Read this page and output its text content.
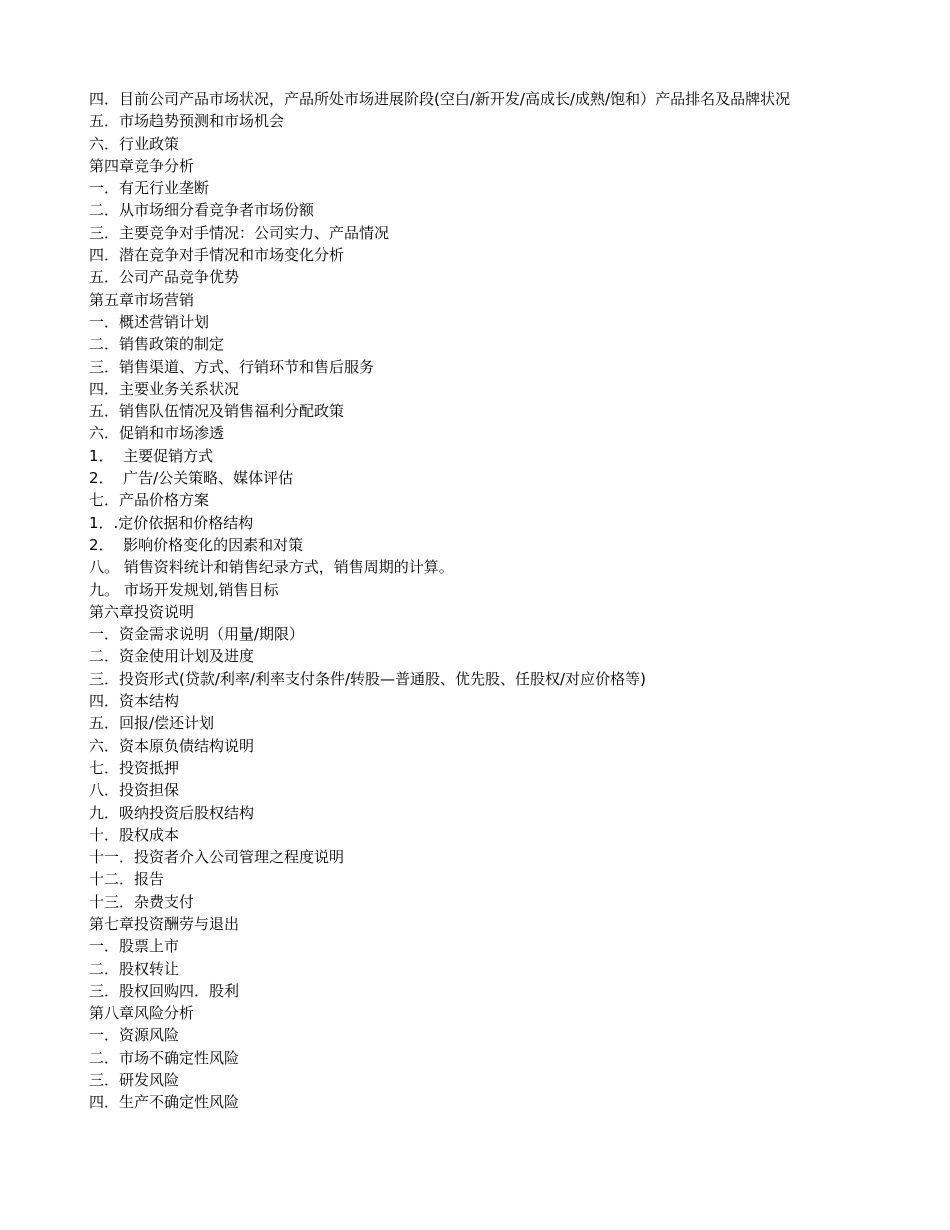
四．目前公司产品市场状况，产品所处市场进展阶段(空白/新开发/高成长/成熟/饱和）产品排名及品牌状况

五．市场趋势预测和市场机会

六．行业政策

第四章竞争分析

一．有无行业垄断

二．从市场细分看竞争者市场份额

三．主要竞争对手情况：公司实力、产品情况

四．潜在竞争对手情况和市场变化分析

五．公司产品竞争优势

第五章市场营销

一．概述营销计划

二．销售政策的制定

三．销售渠道、方式、行销环节和售后服务

四．主要业务关系状况

五．销售队伍情况及销售福利分配政策

六．促销和市场渗透

1．  主要促销方式

2．  广告/公关策略、媒体评估

七．产品价格方案

1．.定价依据和价格结构

2．  影响价格变化的因素和对策

八。 销售资料统计和销售纪录方式，销售周期的计算。

九。 市场开发规划,销售目标

第六章投资说明

一．资金需求说明（用量/期限）

二．资金使用计划及进度

三．投资形式(贷款/利率/利率支付条件/转股—普通股、优先股、任股权/对应价格等)

四．资本结构

五．回报/偿还计划

六．资本原负债结构说明

七．投资抵押

八．投资担保

九．吸纳投资后股权结构

十．股权成本

十一．投资者介入公司管理之程度说明

十二．报告

十三．杂费支付

第七章投资酬劳与退出

一．股票上市

二．股权转让

三．股权回购四．股利

第八章风险分析

一．资源风险

二．市场不确定性风险

三．研发风险

四．生产不确定性风险
